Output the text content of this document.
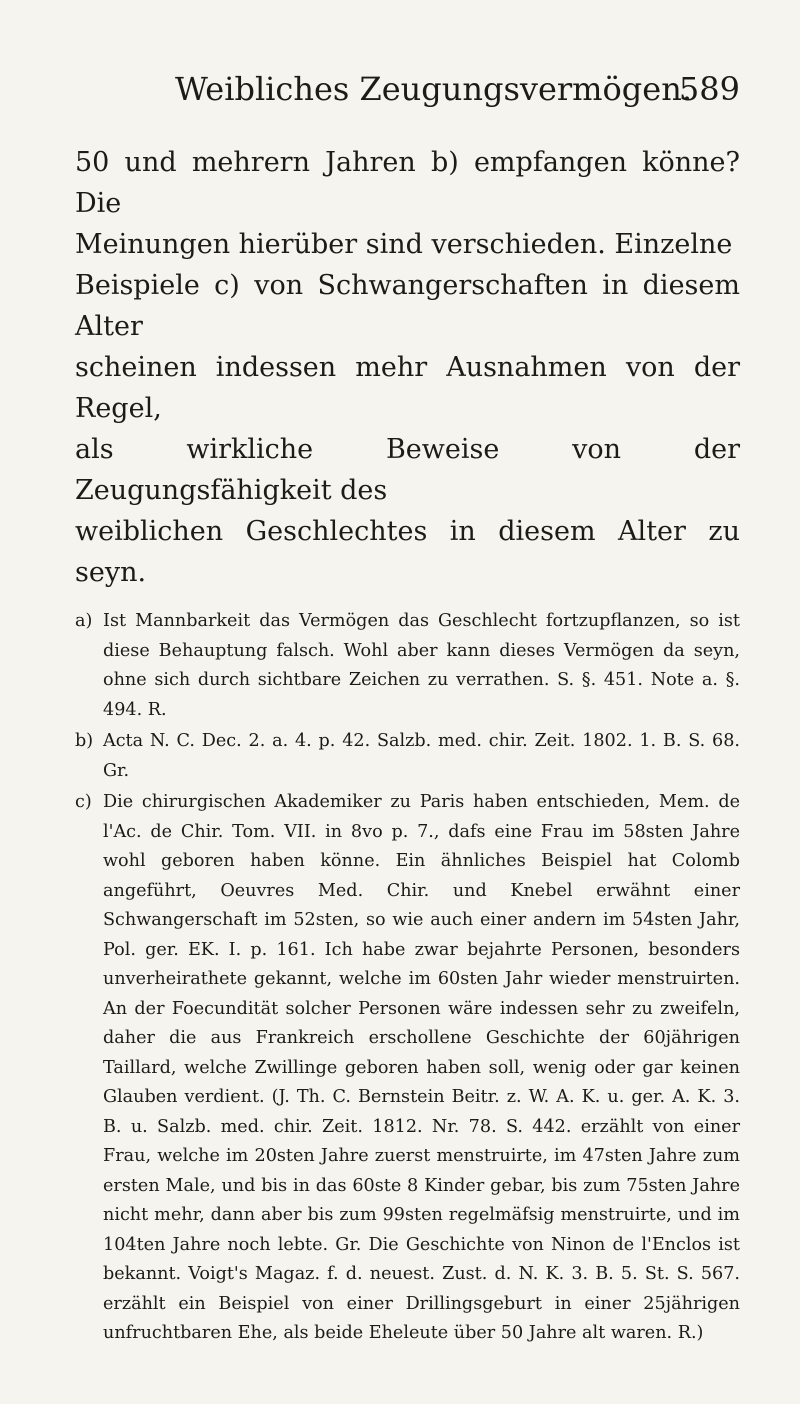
Weibliches Zeugungsvermögen.
589
50 und mehrern Jahren b) empfangen könne? Die
Meinungen hierüber sind verschieden. Einzelne
Beispiele c) von Schwangerschaften in diesem Alter
scheinen indessen mehr Ausnahmen von der Regel,
als wirkliche Beweise von der Zeugungsfähigkeit des
weiblichen Geschlechtes in diesem Alter zu seyn.

a) Ist Mannbarkeit das Vermögen das Geschlecht fortzupflanzen, so ist diese Behauptung falsch. Wohl aber kann dieses Vermögen da seyn, ohne sich durch sichtbare Zeichen zu verrathen. S. §. 451. Note a. §. 494. R.

b) Acta N. C. Dec. 2. a. 4. p. 42. Salzb. med. chir. Zeit. 1802. 1. B. S. 68. Gr.

c) Die chirurgischen Akademiker zu Paris haben entschieden, Mem. de l'Ac. de Chir. Tom. VII. in 8vo p. 7., dafs eine Frau im 58sten Jahre wohl geboren haben könne. Ein ähnliches Beispiel hat Colomb angeführt, Oeuvres Med. Chir. und Knebel erwähnt einer Schwangerschaft im 52sten, so wie auch einer andern im 54sten Jahr, Pol. ger. EK. I. p. 161. Ich habe zwar bejahrte Personen, besonders unverheirathete gekannt, welche im 60sten Jahr wieder menstruirten. An der Foecundität solcher Personen wäre indessen sehr zu zweifeln, daher die aus Frankreich erschollene Geschichte der 60jährigen Taillard, welche Zwillinge geboren haben soll, wenig oder gar keinen Glauben verdient. (J. Th. C. Bernstein Beitr. z. W. A. K. u. ger. A. K. 3. B. u. Salzb. med. chir. Zeit. 1812. Nr. 78. S. 442. erzählt von einer Frau, welche im 20sten Jahre zuerst menstruirte, im 47sten Jahre zum ersten Male, und bis in das 60ste 8 Kinder gebar, bis zum 75sten Jahre nicht mehr, dann aber bis zum 99sten regelmäfsig menstruirte, und im 104ten Jahre noch lebte. Gr. Die Geschichte von Ninon de l'Enclos ist bekannt. Voigt's Magaz. f. d. neuest. Zust. d. N. K. 3. B. 5. St. S. 567. erzählt ein Beispiel von einer Drillingsgeburt in einer 25jährigen unfruchtbaren Ehe, als beide Eheleute über 50 Jahre alt waren. R.)
